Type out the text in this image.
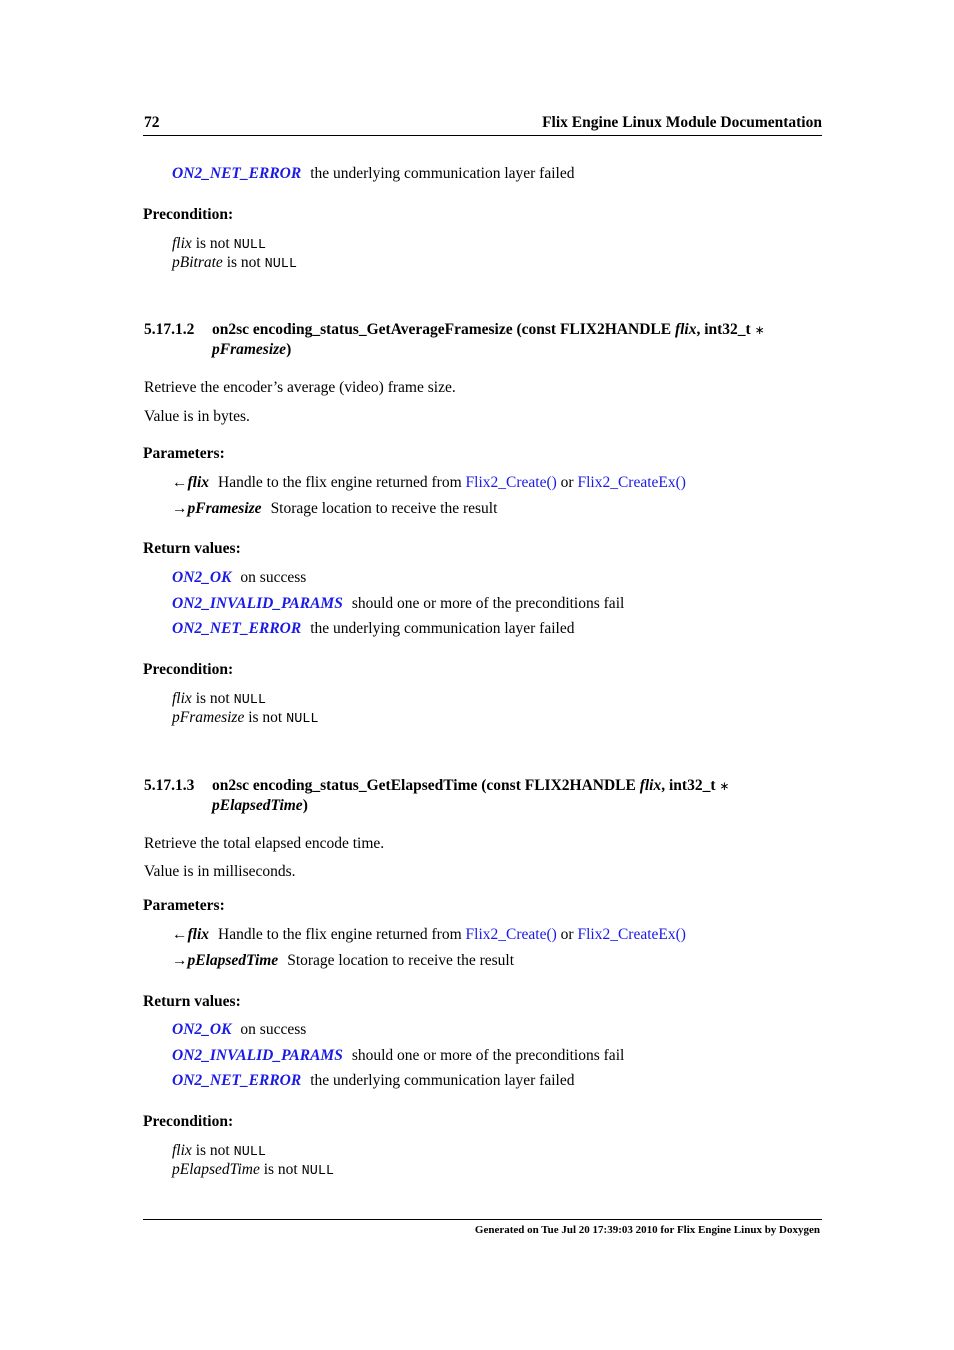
72	Flix Engine Linux Module Documentation
ON2_NET_ERROR the underlying communication layer failed
Precondition:
flix is not NULL
pBitrate is not NULL
5.17.1.2 on2sc encoding_status_GetAverageFramesize (const FLIX2HANDLE flix, int32_t ∗
pFramesize)
Retrieve the encoder’s average (video) frame size.
Value is in bytes.
Parameters:
←flix Handle to the flix engine returned from Flix2_Create() or Flix2_CreateEx()
→pFramesize Storage location to receive the result
Return values:
ON2_OK on success
ON2_INVALID_PARAMS should one or more of the preconditions fail
ON2_NET_ERROR the underlying communication layer failed
Precondition:
flix is not NULL
pFramesize is not NULL
5.17.1.3 on2sc encoding_status_GetElapsedTime (const FLIX2HANDLE flix, int32_t ∗
pElapsedTime)
Retrieve the total elapsed encode time.
Value is in milliseconds.
Parameters:
←flix Handle to the flix engine returned from Flix2_Create() or Flix2_CreateEx()
→pElapsedTime Storage location to receive the result
Return values:
ON2_OK on success
ON2_INVALID_PARAMS should one or more of the preconditions fail
ON2_NET_ERROR the underlying communication layer failed
Precondition:
flix is not NULL
pElapsedTime is not NULL
Generated on Tue Jul 20 17:39:03 2010 for Flix Engine Linux by Doxygen
